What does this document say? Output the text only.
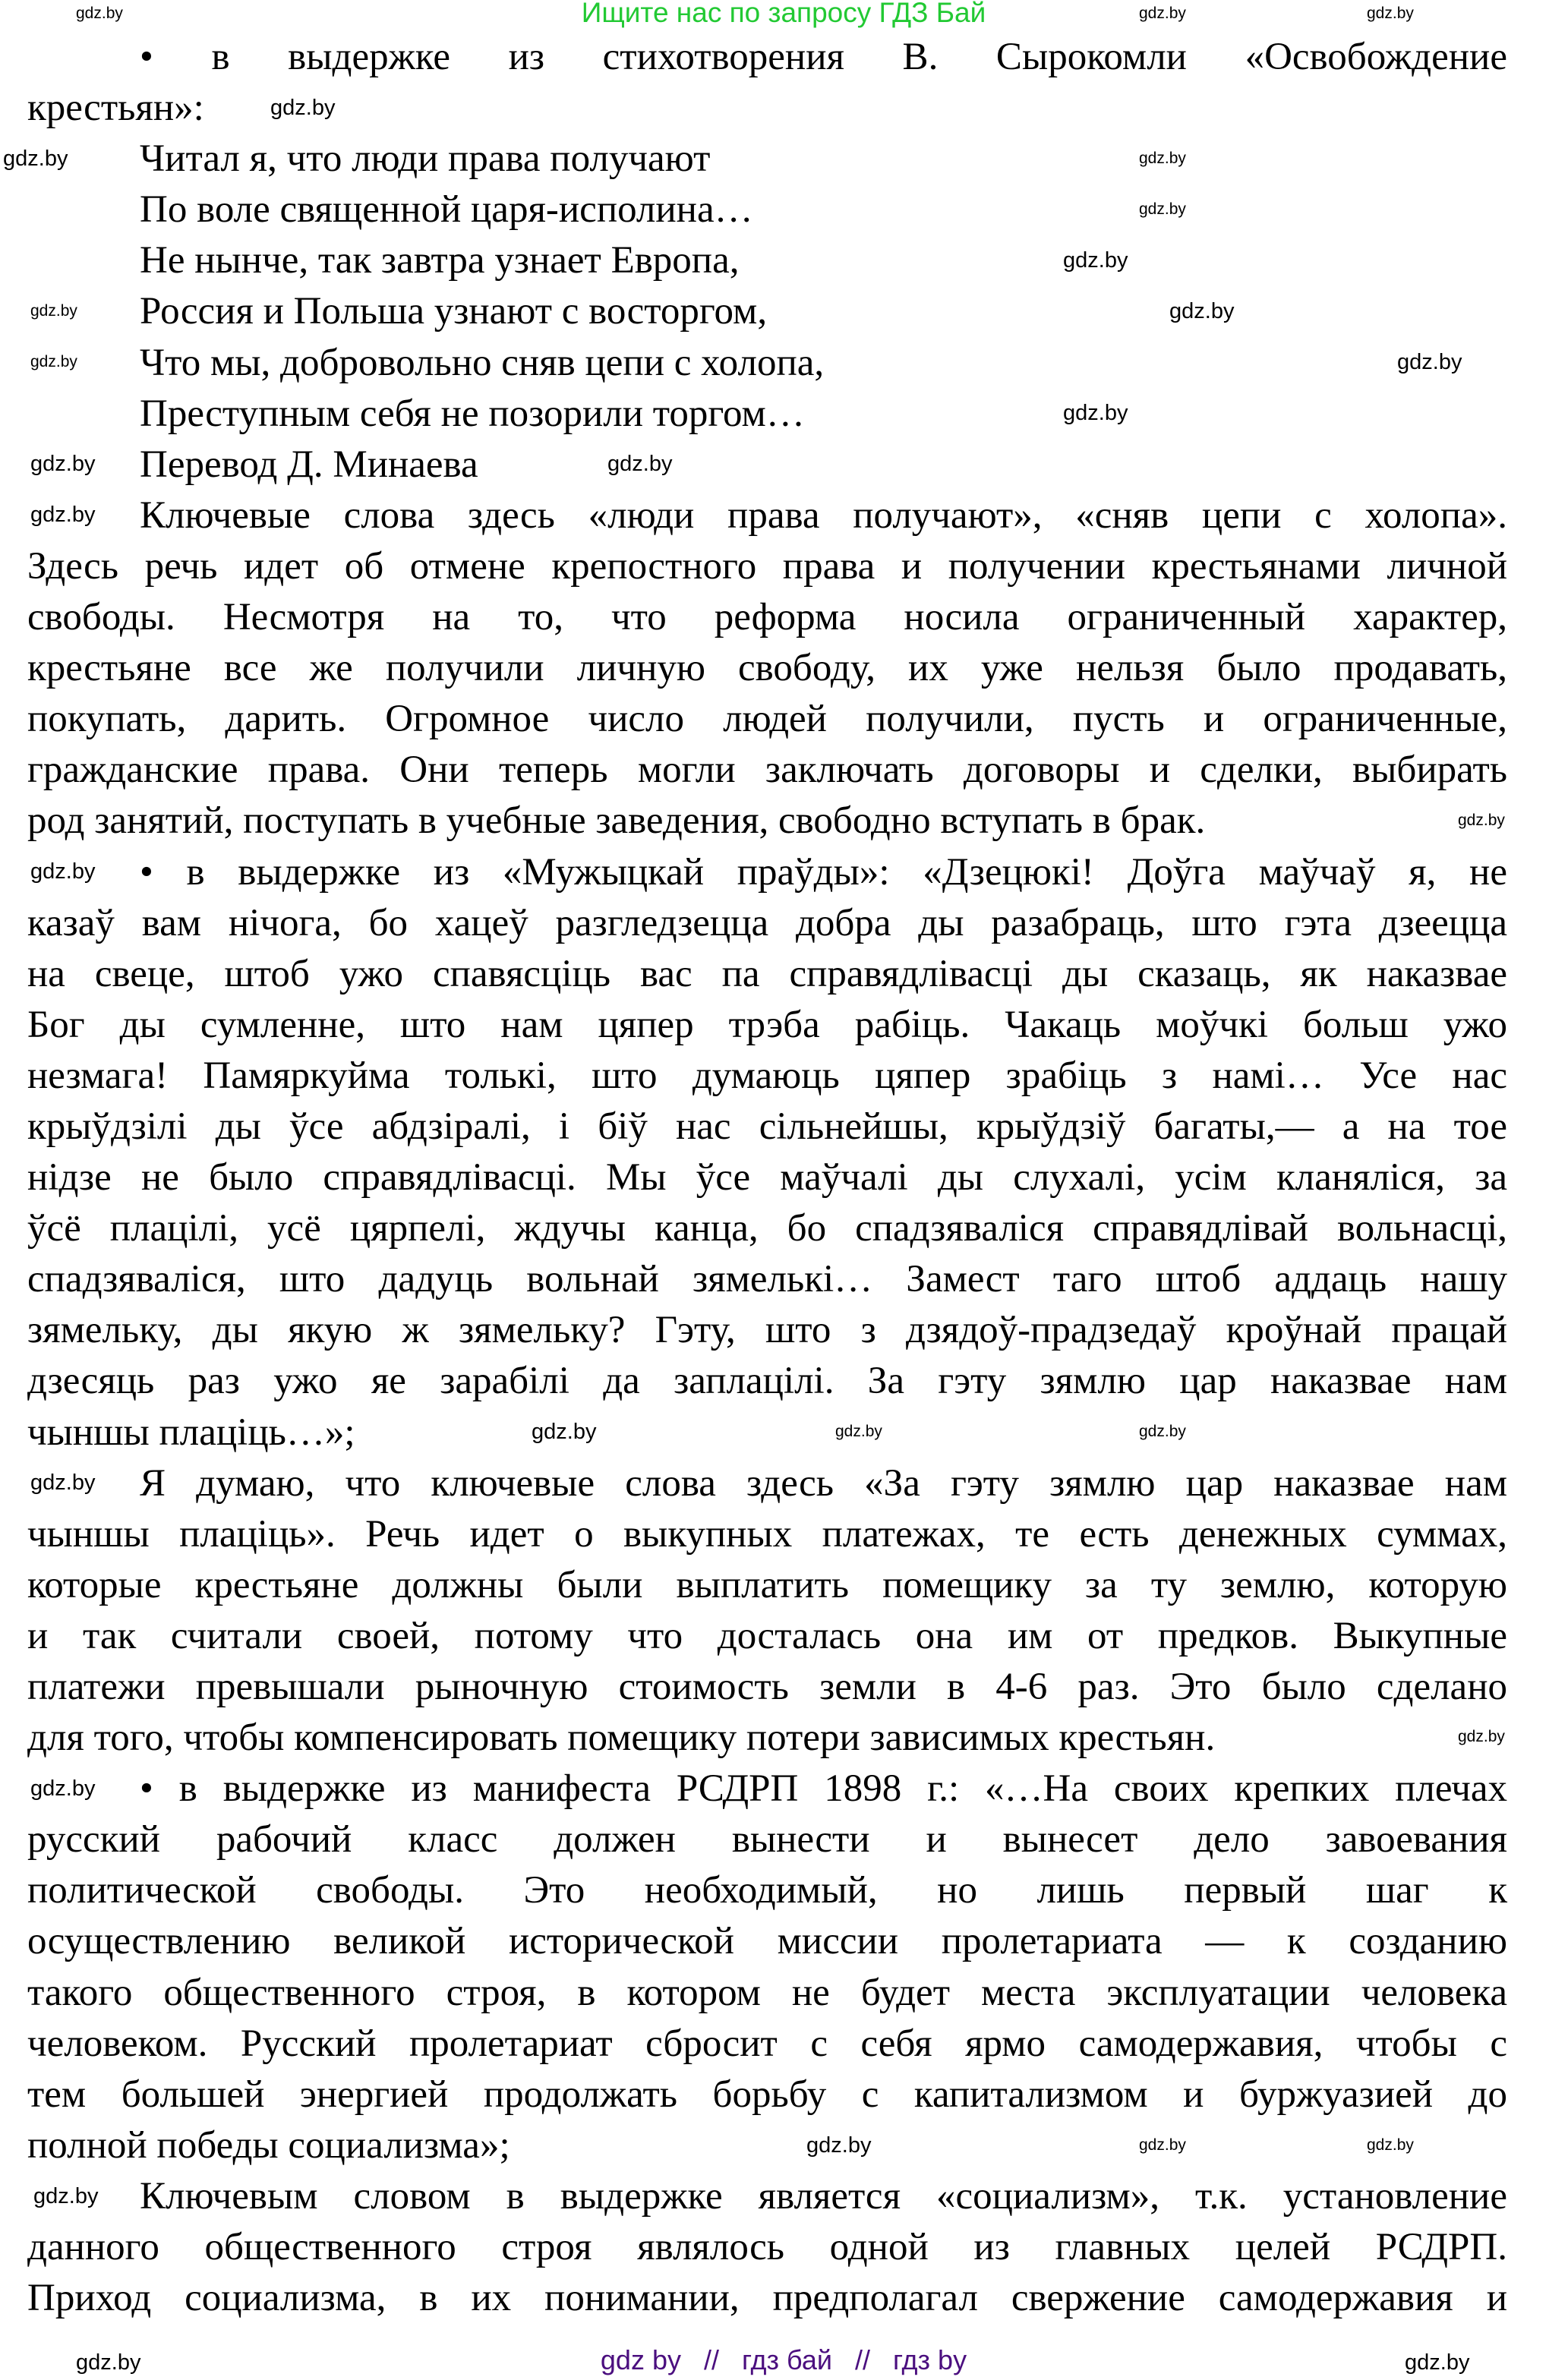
Ищите нас по запросу ГДЗ Бай
• в выдержке из стихотворения В. Сырокомли «Освобождение
крестьян»:
Читал я, что люди права получают
По воле священной царя-исполина…
Не нынче, так завтра узнает Европа,
Россия и Польша узнают с восторгом,
Что мы, добровольно сняв цепи с холопа,
Преступным себя не позорили торгом…
Перевод Д. Минаева
Ключевые слова здесь «люди права получают», «сняв цепи с холопа».
Здесь речь идет об отмене крепостного права и получении крестьянами личной
свободы. Несмотря на то, что реформа носила ограниченный характер,
крестьяне все же получили личную свободу, их уже нельзя было продавать,
покупать, дарить. Огромное число людей получили, пусть и ограниченные,
гражданские права. Они теперь могли заключать договоры и сделки, выбирать
род занятий, поступать в учебные заведения, свободно вступать в брак.
• в выдержке из «Мужыцкай праўды»: «Дзецюкі! Доўга маўчаў я, не
казаў вам нічога, бо хацеў разгледзецца добра ды разабраць, што гэта дзеецца
на свеце, штоб ужо спавясціць вас па справядлівасці ды сказаць, як наказвае
Бог ды сумленне, што нам цяпер трэба рабіць. Чакаць моўчкі больш ужо
незмага! Памяркуйма толькі, што думаюць цяпер зрабіць з намі… Усе нас
крыўдзілі ды ўсе абдзіралі, і біў нас сільнейшы, крыўдзіў багаты,— а на тое
нідзе не было справядлівасці. Мы ўсе маўчалі ды слухалі, усім кланяліся, за
ўсё плацілі, усё цярпелі, ждучы канца, бо спадзяваліся справядлівай вольнасці,
спадзяваліся, што дадуць вольнай зямелькі… Замест таго штоб аддаць нашу
зямельку, ды якую ж зямельку? Гэту, што з дзядоў-прадзедаў кроўнай працай
дзесяць раз ужо яе зарабілі да заплацілі. За гэту зямлю цар наказвае нам
чыншы плаціць…»;
Я думаю, что ключевые слова здесь «За гэту зямлю цар наказвае нам
чыншы плаціць». Речь идет о выкупных платежах, те есть денежных суммах,
которые крестьяне должны были выплатить помещику за ту землю, которую
и так считали своей, потому что досталась она им от предков. Выкупные
платежи превышали рыночную стоимость земли в 4-6 раз. Это было сделано
для того, чтобы компенсировать помещику потери зависимых крестьян.
• в выдержке из манифеста РСДРП 1898 г.: «…На своих крепких плечах
русский рабочий класс должен вынести и вынесет дело завоевания
политической свободы. Это необходимый, но лишь первый шаг к
осуществлению великой исторической миссии пролетариата — к созданию
такого общественного строя, в котором не будет места эксплуатации человека
человеком. Русский пролетариат сбросит с себя ярмо самодержавия, чтобы с
тем большей энергией продолжать борьбу с капитализмом и буржуазией до
полной победы социализма»;
Ключевым словом в выдержке является «социализм», т.к. установление
данного общественного строя являлось одной из главных целей РСДРП.
Приход социализма, в их понимании, предполагал свержение самодержавия и
gdz.by	gdz.by	gdz.by
gdz.by
gdz.by	gdz.by
gdz.by
gdz.by
gdz.by
gdz.by
gdz.by
gdz.by
gdz.by
gdz.by	gdz.by
gdz.by
gdz.by
gdz.by
gdz.by	gdz.by	gdz.by
gdz.by
gdz.by
gdz.by
gdz.by	gdz.by	gdz.by
gdz.by
gdz.by	gdz.by
gdz by // гдз бай // гдз by
